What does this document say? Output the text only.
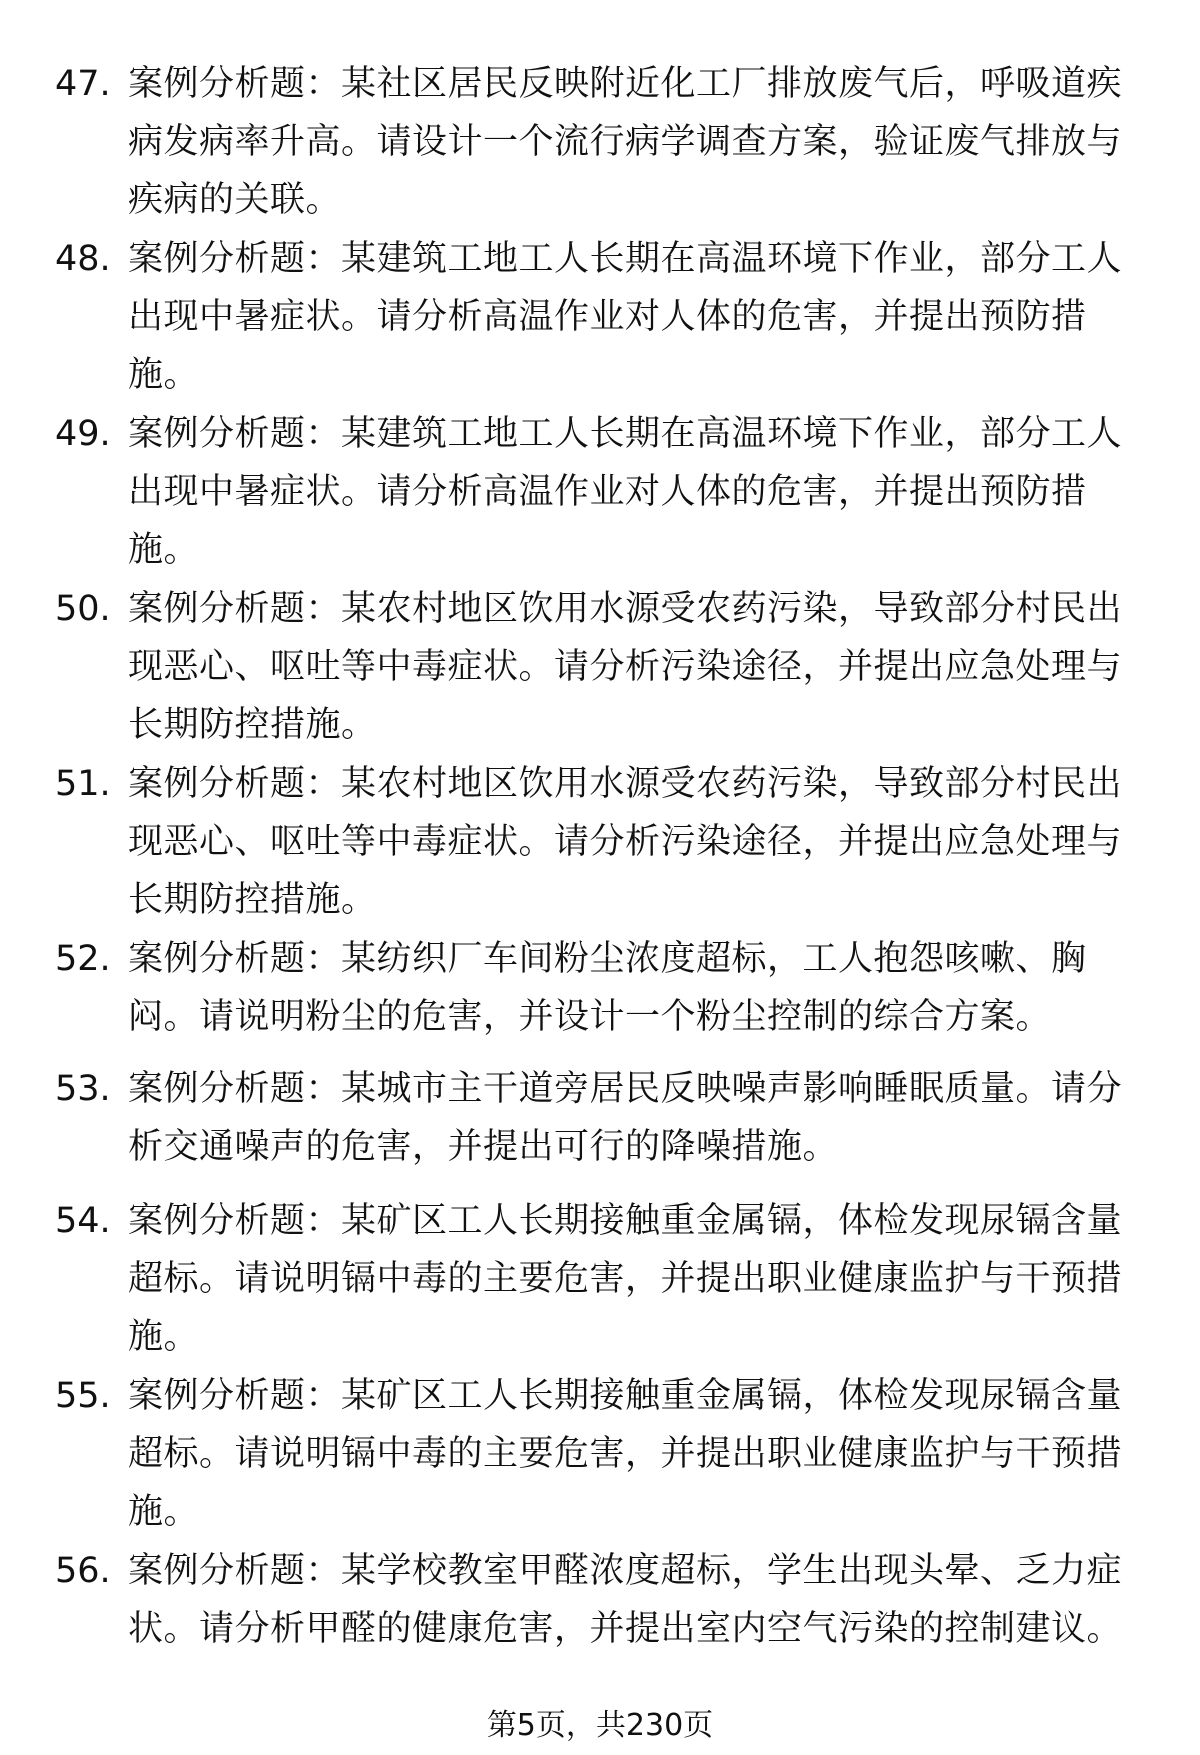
47. 案例分析题：某社区居民反映附近化工厂排放废气后，呼吸道疾
病发病率升高。请设计一个流行病学调查方案，验证废气排放与
疾病的关联。
48. 案例分析题：某建筑工地工人长期在高温环境下作业，部分工人
出现中暑症状。请分析高温作业对人体的危害，并提出预防措
施。
49. 案例分析题：某建筑工地工人长期在高温环境下作业，部分工人
出现中暑症状。请分析高温作业对人体的危害，并提出预防措
施。
50. 案例分析题：某农村地区饮用水源受农药污染，导致部分村民出
现恶心、呕吐等中毒症状。请分析污染途径，并提出应急处理与
长期防控措施。
51. 案例分析题：某农村地区饮用水源受农药污染，导致部分村民出
现恶心、呕吐等中毒症状。请分析污染途径，并提出应急处理与
长期防控措施。
52. 案例分析题：某纺织厂车间粉尘浓度超标，工人抱怨咳嗽、胸
闷。请说明粉尘的危害，并设计一个粉尘控制的综合方案。
53. 案例分析题：某城市主干道旁居民反映噪声影响睡眠质量。请分
析交通噪声的危害，并提出可行的降噪措施。
54. 案例分析题：某矿区工人长期接触重金属镉，体检发现尿镉含量
超标。请说明镉中毒的主要危害，并提出职业健康监护与干预措
施。
55. 案例分析题：某矿区工人长期接触重金属镉，体检发现尿镉含量
超标。请说明镉中毒的主要危害，并提出职业健康监护与干预措
施。
56. 案例分析题：某学校教室甲醛浓度超标，学生出现头晕、乏力症
状。请分析甲醛的健康危害，并提出室内空气污染的控制建议。
第5页，共230页
